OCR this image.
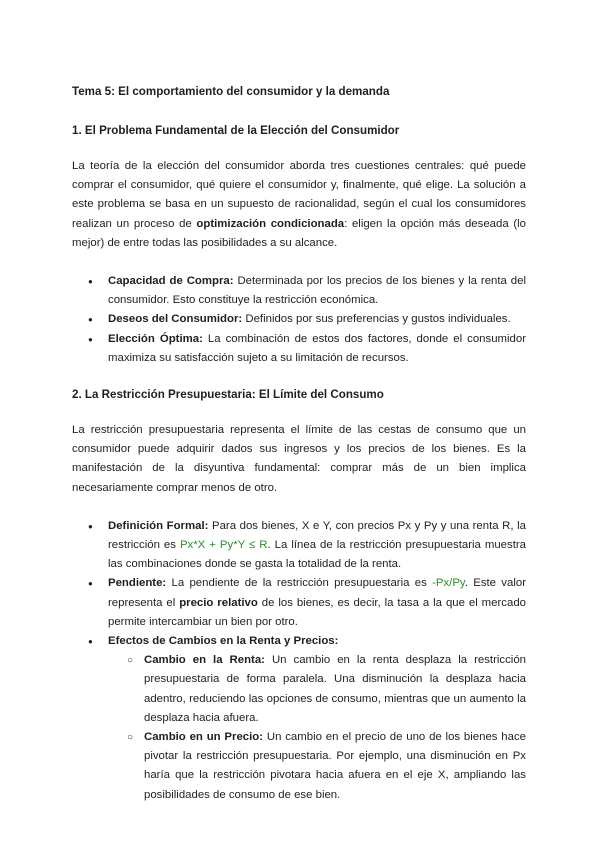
Tema 5: El comportamiento del consumidor y la demanda
1. El Problema Fundamental de la Elección del Consumidor

La teoría de la elección del consumidor aborda tres cuestiones centrales: qué puede comprar el consumidor, qué quiere el consumidor y, finalmente, qué elige. La solución a este problema se basa en un supuesto de racionalidad, según el cual los consumidores realizan un proceso de optimización condicionada: eligen la opción más deseada (lo mejor) de entre todas las posibilidades a su alcance.

● Capacidad de Compra: Determinada por los precios de los bienes y la renta del consumidor. Esto constituye la restricción económica.
● Deseos del Consumidor: Definidos por sus preferencias y gustos individuales.
● Elección Óptima: La combinación de estos dos factores, donde el consumidor maximiza su satisfacción sujeto a su limitación de recursos.
2. La Restricción Presupuestaria: El Límite del Consumo

La restricción presupuestaria representa el límite de las cestas de consumo que un consumidor puede adquirir dados sus ingresos y los precios de los bienes. Es la manifestación de la disyuntiva fundamental: comprar más de un bien implica necesariamente comprar menos de otro.

● Definición Formal: Para dos bienes, X e Y, con precios Px y Py y una renta R, la restricción es Px*X + Py*Y ≤ R. La línea de la restricción presupuestaria muestra las combinaciones donde se gasta la totalidad de la renta.
● Pendiente: La pendiente de la restricción presupuestaria es -Px/Py. Este valor representa el precio relativo de los bienes, es decir, la tasa a la que el mercado permite intercambiar un bien por otro.
● Efectos de Cambios en la Renta y Precios:
○ Cambio en la Renta: Un cambio en la renta desplaza la restricción presupuestaria de forma paralela. Una disminución la desplaza hacia adentro, reduciendo las opciones de consumo, mientras que un aumento la desplaza hacia afuera.
○ Cambio en un Precio: Un cambio en el precio de uno de los bienes hace pivotar la restricción presupuestaria. Por ejemplo, una disminución en Px haría que la restricción pivotara hacia afuera en el eje X, ampliando las posibilidades de consumo de ese bien.
